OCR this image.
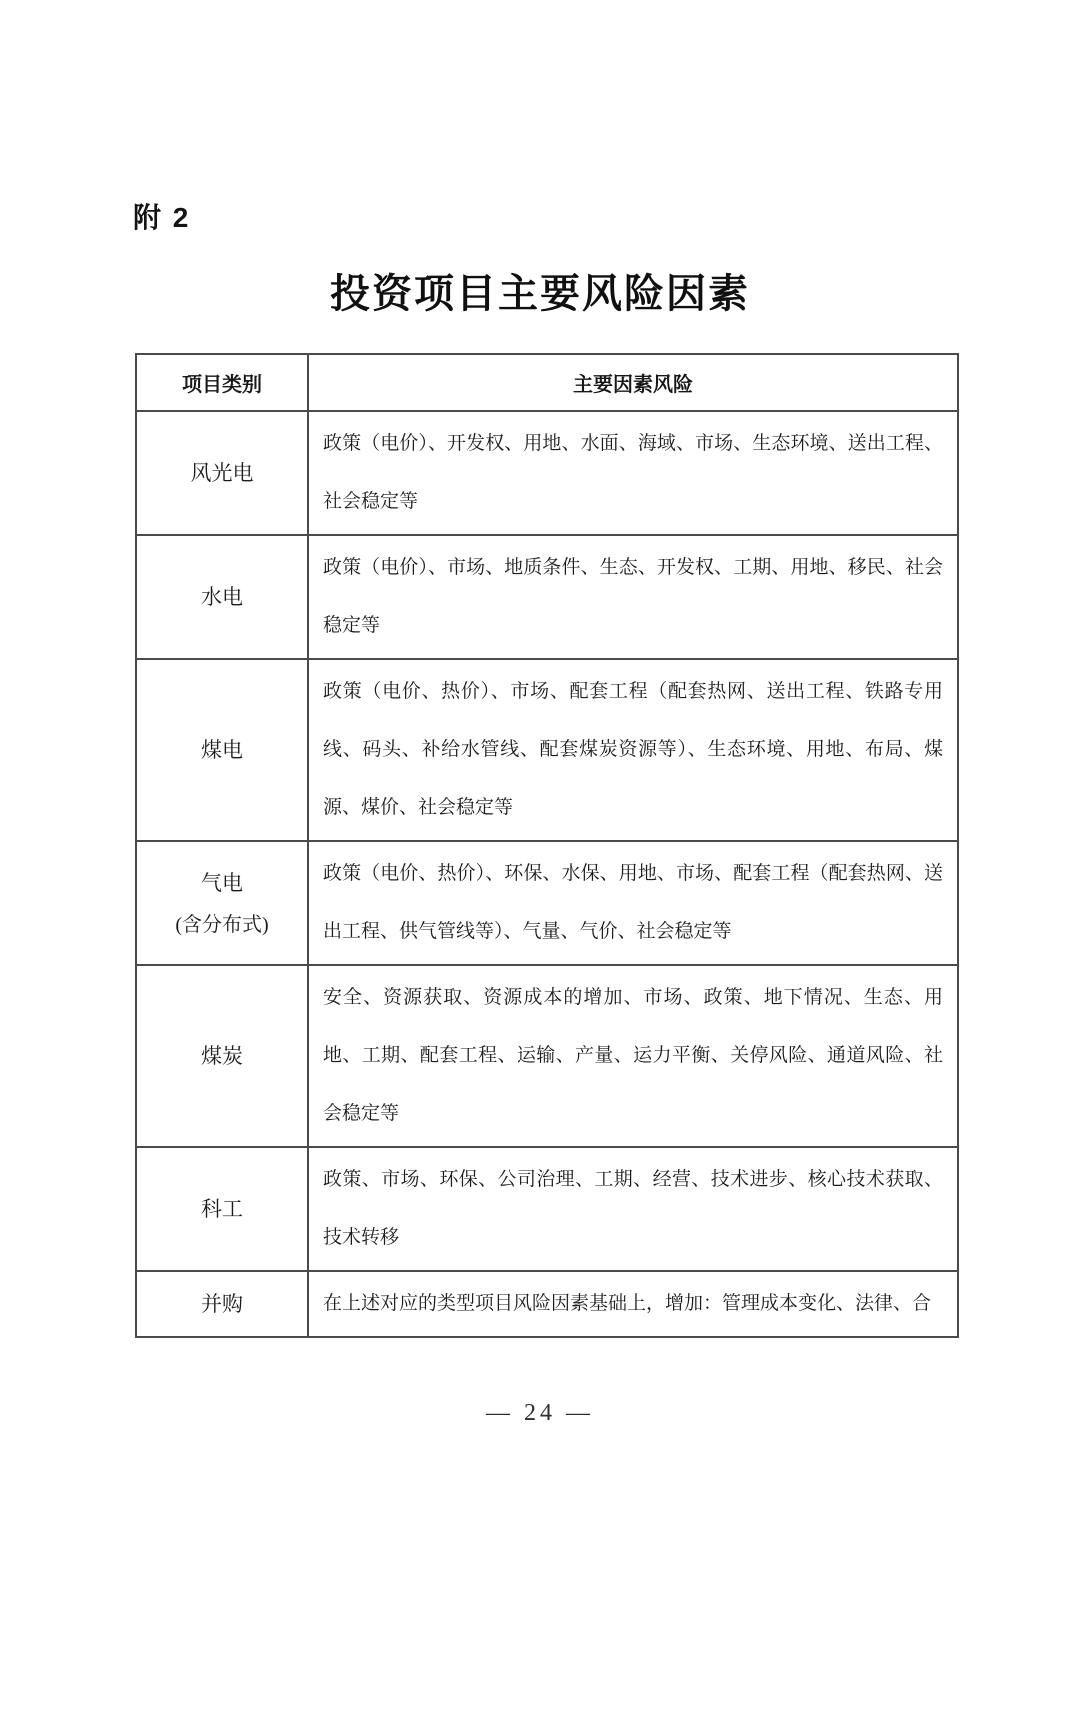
附 2
投资项目主要风险因素
项目类别	主要因素风险

风光电	政策（电价）、开发权、用地、水面、海域、市场、生态环境、送出工程、社会稳定等

水电	政策（电价）、市场、地质条件、生态、开发权、工期、用地、移民、社会稳定等

煤电	政策（电价、热价）、市场、配套工程（配套热网、送出工程、铁路专用线、码头、补给水管线、配套煤炭资源等）、生态环境、用地、布局、煤源、煤价、社会稳定等

气电
(含分布式)	政策（电价、热价）、环保、水保、用地、市场、配套工程（配套热网、送出工程、供气管线等）、气量、气价、社会稳定等

煤炭	安全、资源获取、资源成本的增加、市场、政策、地下情况、生态、用地、工期、配套工程、运输、产量、运力平衡、关停风险、通道风险、社会稳定等

科工	政策、市场、环保、公司治理、工期、经营、技术进步、核心技术获取、技术转移

并购	在上述对应的类型项目风险因素基础上，增加：管理成本变化、法律、合
— 24 —
